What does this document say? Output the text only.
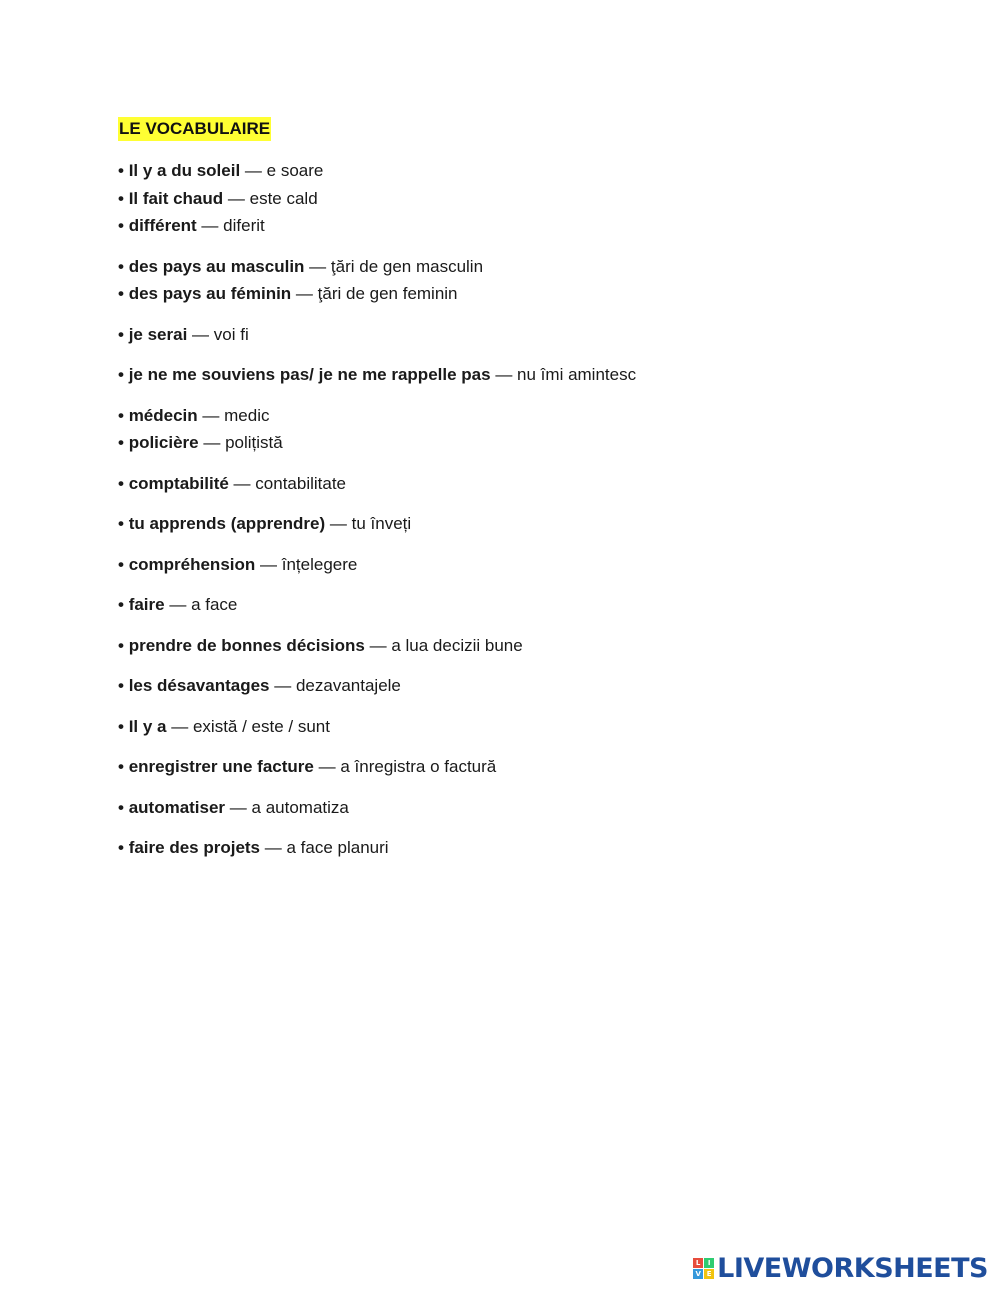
LE VOCABULAIRE
• Il y a du soleil — e soare
• Il fait chaud — este cald
• différent — diferit
• des pays au masculin — ţări de gen masculin
• des pays au féminin — ţări de gen feminin
• je serai — voi fi
• je ne me souviens pas/ je ne me rappelle pas — nu îmi amintesc
• médecin — medic
• policière — polițistă
• comptabilité — contabilitate
• tu apprends (apprendre) — tu înveți
• compréhension — înțelegere
• faire — a face
• prendre de bonnes décisions — a lua decizii bune
• les désavantages — dezavantajele
• Il y a — există / este / sunt
• enregistrer une facture — a înregistra o factură
• automatiser — a automatiza
• faire des projets — a face planuri
L	I
V E LIVEWORKSHEETS
